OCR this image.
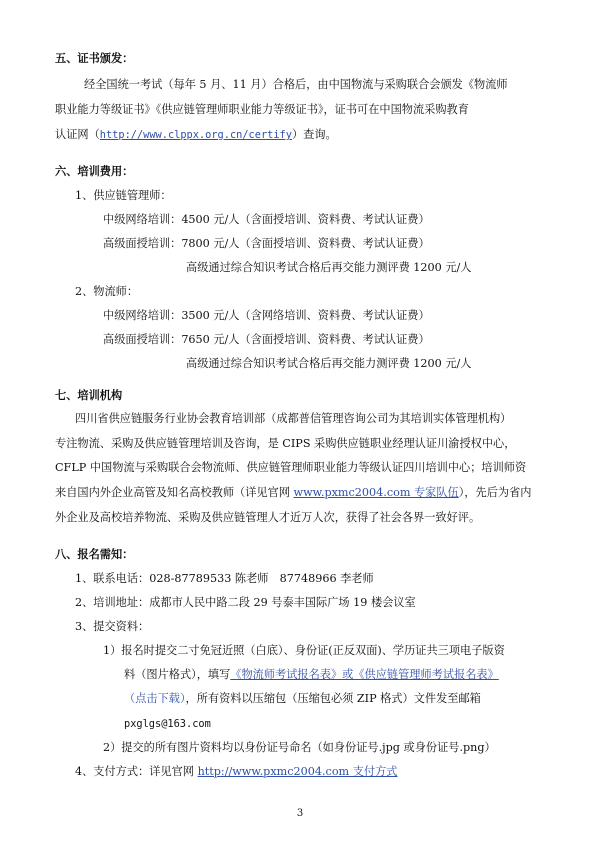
五、证书颁发：
经全国统一考试（每年 5 月、11 月）合格后，由中国物流与采购联合会颁发《物流师
职业能力等级证书》《供应链管理师职业能力等级证书》，证书可在中国物流采购教育
认证网（http://www.clppx.org.cn/certify）查询。
六、培训费用：
1、供应链管理师：
中级网络培训：4500 元/人（含面授培训、资料费、考试认证费）
高级面授培训：7800 元/人（含面授培训、资料费、考试认证费）
高级通过综合知识考试合格后再交能力测评费 1200 元/人
2、物流师：
中级网络培训：3500 元/人（含网络培训、资料费、考试认证费）
高级面授培训：7650 元/人（含面授培训、资料费、考试认证费）
高级通过综合知识考试合格后再交能力测评费 1200 元/人
七、培训机构
四川省供应链服务行业协会教育培训部（成都普信管理咨询公司为其培训实体管理机构）
专注物流、采购及供应链管理培训及咨询，是 CIPS 采购供应链职业经理认证川渝授权中心，
CFLP 中国物流与采购联合会物流师、供应链管理师职业能力等级认证四川培训中心；培训师资
来自国内外企业高管及知名高校教师（详见官网 www.pxmc2004.com 专家队伍），先后为省内
外企业及高校培养物流、采购及供应链管理人才近万人次，获得了社会各界一致好评。
八、报名需知：
1、联系电话：028-87789533 陈老师　87748966 李老师
2、培训地址：成都市人民中路二段 29 号泰丰国际广场 19 楼会议室
3、提交资料：
1）报名时提交二寸免冠近照（白底）、身份证(正反双面)、学历证共三项电子版资
料（图片格式），填写《物流师考试报名表》或《供应链管理师考试报名表》
（点击下载），所有资料以压缩包（压缩包必须 ZIP 格式）文件发至邮箱
pxglgs@163.com
2）提交的所有图片资料均以身份证号命名（如身份证号.jpg 或身份证号.png）
4、支付方式：详见官网 http://www.pxmc2004.com 支付方式
3
